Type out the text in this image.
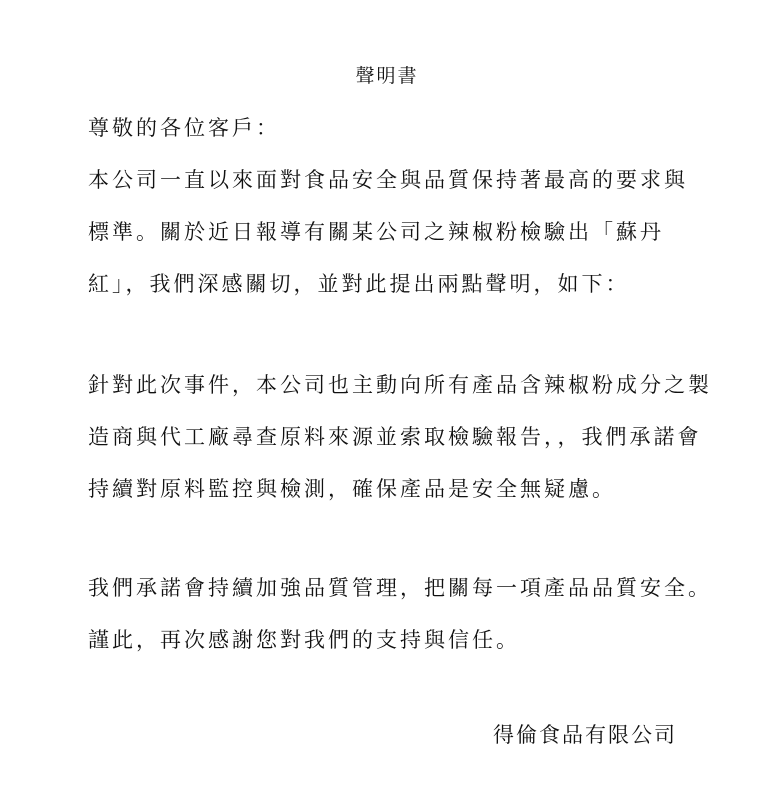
聲明書
尊敬的各位客戶：
本公司一直以來面對食品安全與品質保持著最高的要求與
標準。關於近日報導有關某公司之辣椒粉檢驗出「蘇丹
紅」，我們深感關切，並對此提出兩點聲明，如下：
針對此次事件，本公司也主動向所有產品含辣椒粉成分之製
造商與代工廠尋查原料來源並索取檢驗報告，，我們承諾會
持續對原料監控與檢測，確保產品是安全無疑慮。
我們承諾會持續加強品質管理，把關每一項產品品質安全。
謹此，再次感謝您對我們的支持與信任。
得倫食品有限公司
